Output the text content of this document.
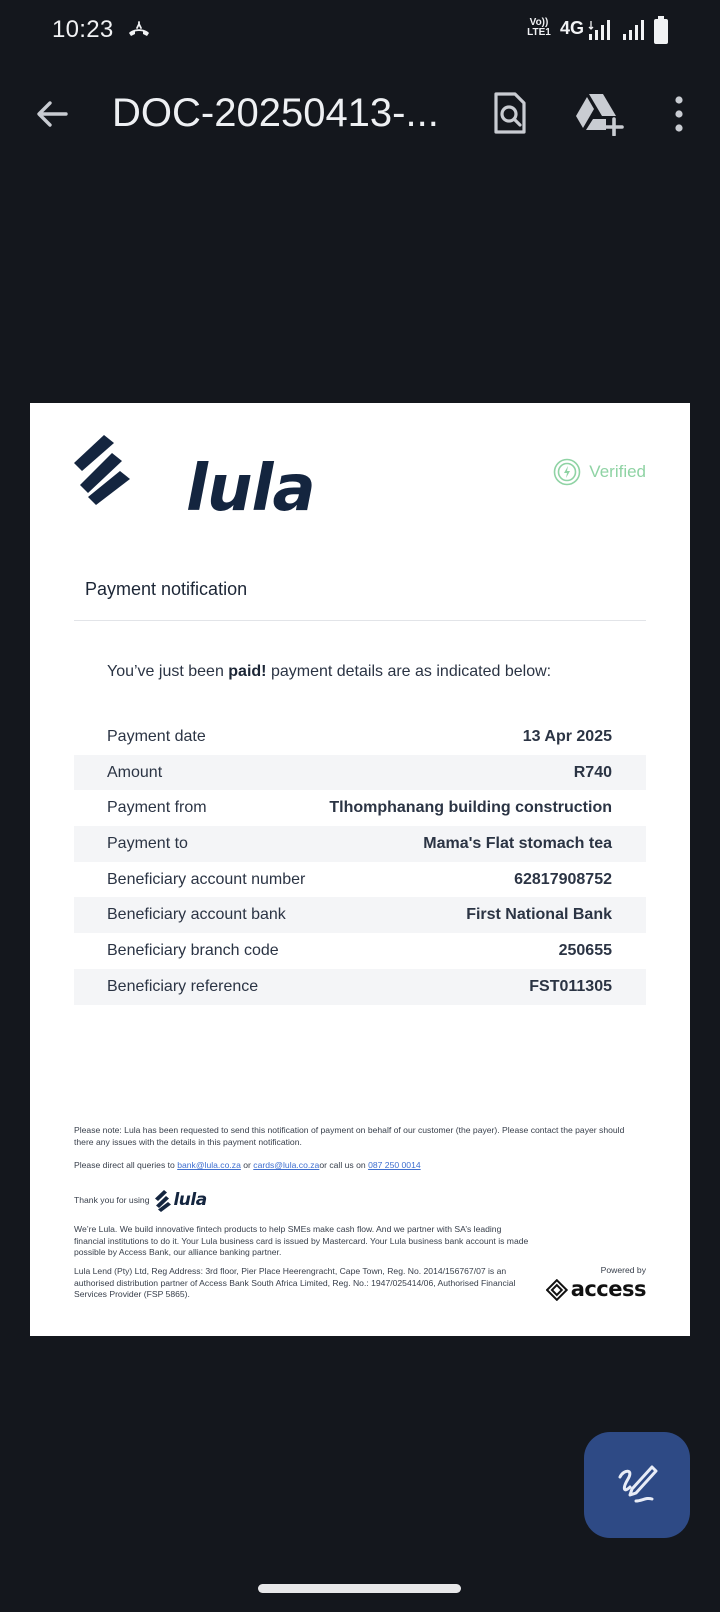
10:23	Vo))
LTE1 4G
DOC-20250413-...
lula	Verified
Payment notification
You’ve just been paid! payment details are as indicated below:
Payment date	13 Apr 2025
Amount	R740
Payment from	Tlhomphanang building construction
Payment to	Mama's Flat stomach tea
Beneficiary account number	62817908752
Beneficiary account bank	First National Bank
Beneficiary branch code	250655
Beneficiary reference	FST011305

Please note: Lula has been requested to send this notification of payment on behalf of our customer (the payer). Please contact the payer should there any issues with the details in this payment notification.

Please direct all queries to bank@lula.co.za or cards@lula.co.zaor call us on 087 250 0014

Thank you for using lula

We’re Lula. We build innovative fintech products to help SMEs make cash flow. And we partner with SA’s leading financial institutions to do it. Your Lula business card is issued by Mastercard. Your Lula business bank account is made possible by Access Bank, our alliance banking partner.

Lula Lend (Pty) Ltd, Reg Address: 3rd floor, Pier Place Heerengracht, Cape Town, Reg. No. 2014/156767/07 is an authorised distribution partner of Access Bank South Africa Limited, Reg. No.: 1947/025414/06, Authorised Financial Services Provider (FSP 5865).

Powered by
access
